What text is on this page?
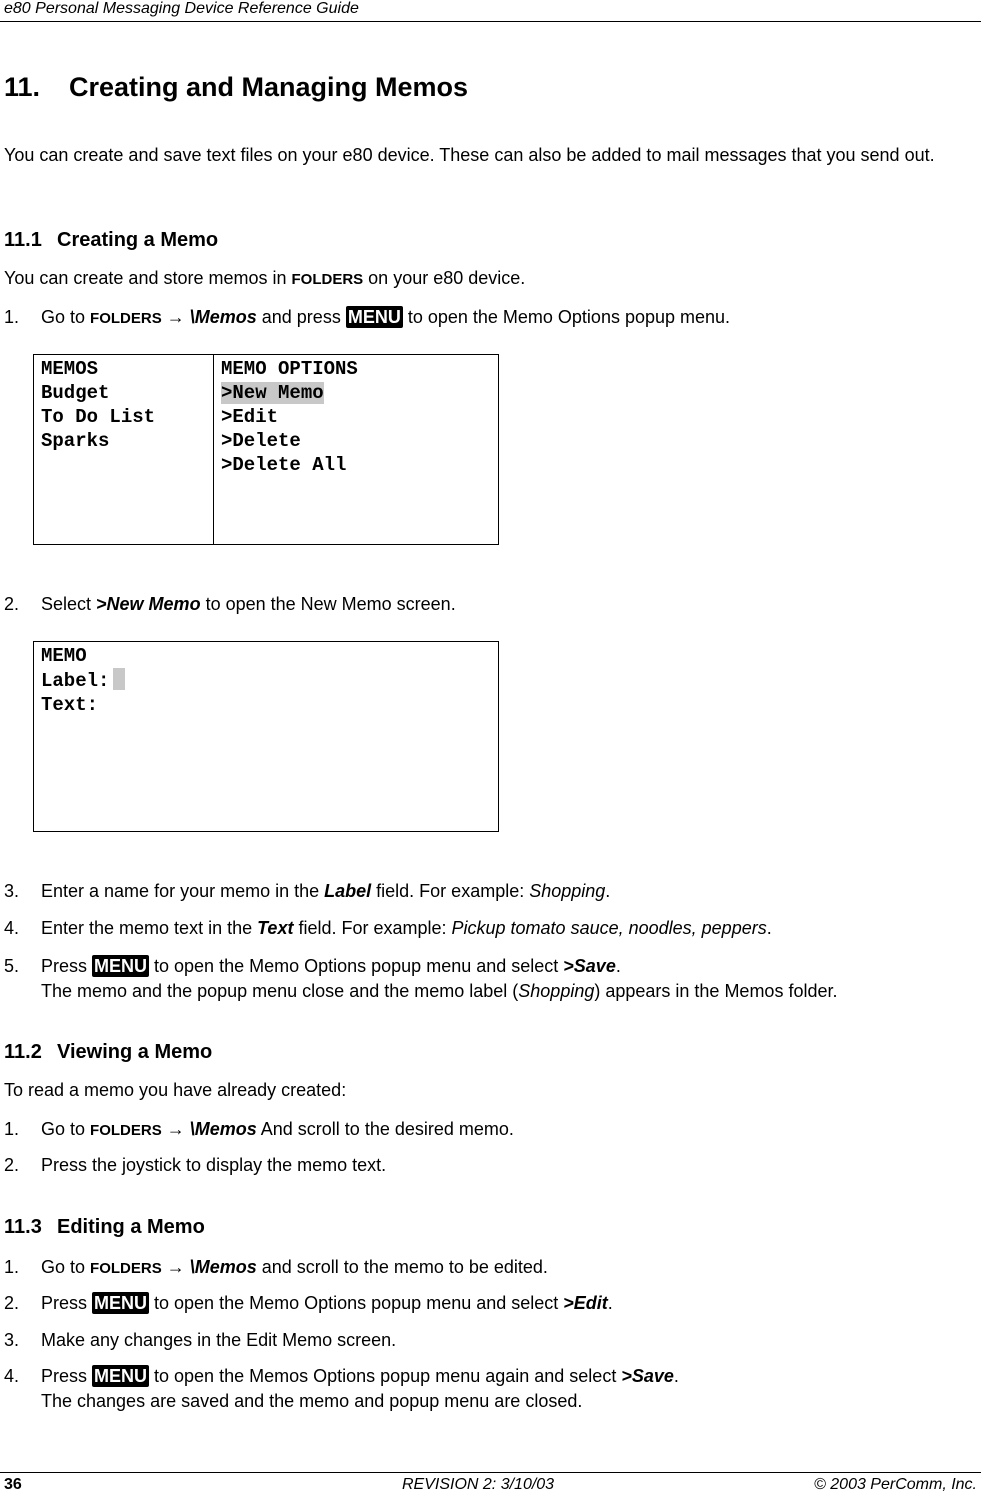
e80 Personal Messaging Device Reference Guide
11. Creating and Managing Memos

You can create and save text files on your e80 device. These can also be added to mail messages that you send out.

11.1 Creating a Memo

You can create and store memos in FOLDERS on your e80 device.

1. Go to FOLDERS → \Memos and press MENU to open the Memo Options popup menu.
MEMOS
Budget
To Do List
Sparks
MEMO OPTIONS
>New Memo
>Edit
>Delete
>Delete All
2. Select >New Memo to open the New Memo screen.
MEMO
Label:
Text:
3. Enter a name for your memo in the Label field. For example: Shopping.
4. Enter the memo text in the Text field. For example: Pickup tomato sauce, noodles, peppers.
5. Press MENU to open the Memo Options popup menu and select >Save.
The memo and the popup menu close and the memo label (Shopping) appears in the Memos folder.
11.2 Viewing a Memo

To read a memo you have already created:

1. Go to FOLDERS → \Memos And scroll to the desired memo.
2. Press the joystick to display the memo text.
11.3 Editing a Memo
1. Go to FOLDERS → \Memos and scroll to the memo to be edited.
2. Press MENU to open the Memo Options popup menu and select >Edit.
3. Make any changes in the Edit Memo screen.
4. Press MENU to open the Memos Options popup menu again and select >Save.
The changes are saved and the memo and popup menu are closed.
36	REVISION 2: 3/10/03	© 2003 PerComm, Inc.
